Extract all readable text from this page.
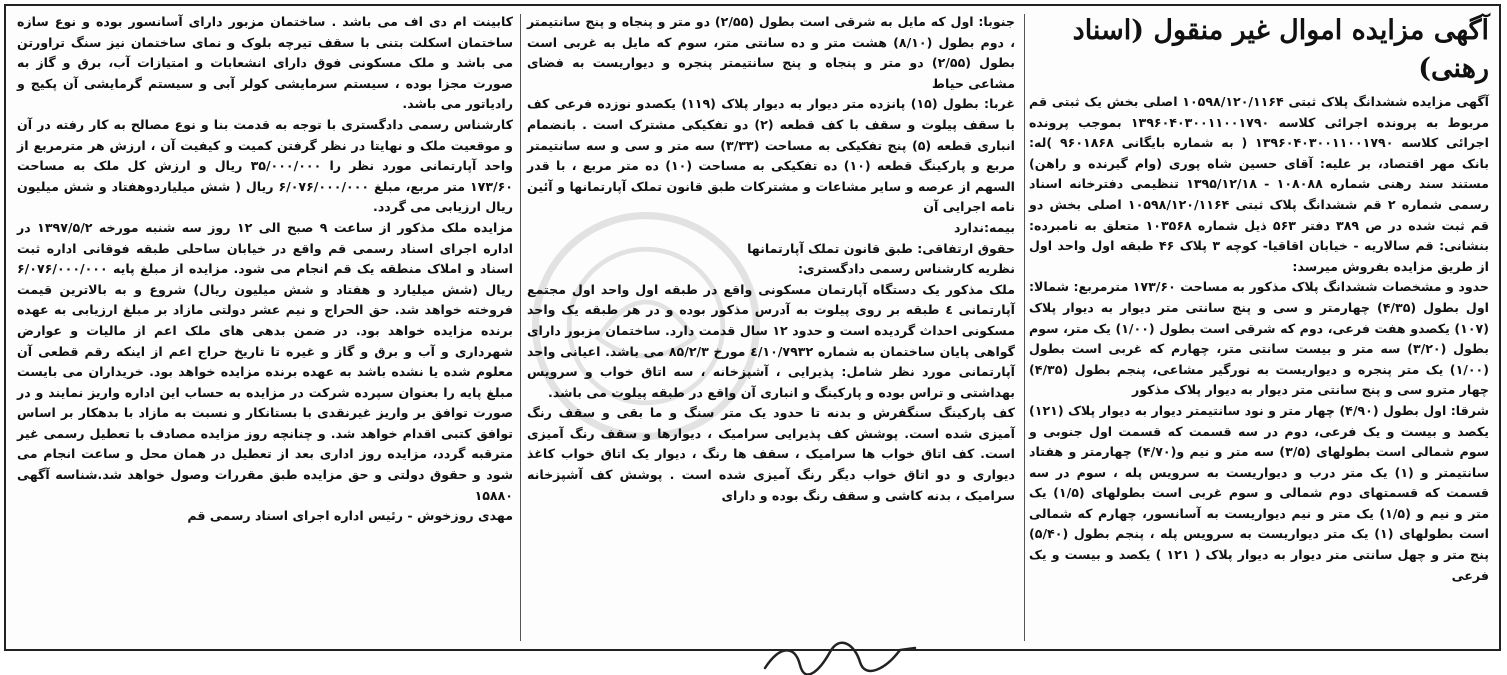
آگهی مزایده اموال غیر منقول (اسناد رهنی)

آگهی مزایده ششدانگ پلاک ثبتی ۱۰۵۹۸/۱۲۰/۱۱۶۴ اصلی بخش یک ثبتی قم مربوط به پرونده اجرائی کلاسه ۱۳۹۶۰۴۰۳۰۰۱۱۰۰۱۷۹۰ بموجب پرونده اجرائی کلاسه ۱۳۹۶۰۴۰۳۰۰۱۱۰۰۱۷۹۰ ( به شماره بایگانی ۹۶۰۱۸۶۸ )له: بانک مهر اقتصاد، بر علیه: آقای حسین شاه پوری (وام گیرنده و راهن) مستند سند رهنی شماره ۱۰۸۰۸۸ - ۱۳۹۵/۱۲/۱۸ تنظیمی دفترخانه اسناد رسمی شماره ۲ قم ششدانگ پلاک ثبتی ۱۰۵۹۸/۱۲۰/۱۱۶۴ اصلی بخش دو قم ثبت شده در ص ۳۸۹ دفتر ۵۶۳ ذیل شماره ۱۰۳۵۶۸ متعلق به نامبرده: بنشانی: قم سالاریه - خیابان اقاقیا- کوچه ۳ پلاک ۴۶ طبقه اول واحد اول از طریق مزایده بفروش میرسد:

حدود و مشخصات ششدانگ پلاک مذکور به مساحت ۱۷۳/۶۰ مترمربع: شمالا: اول بطول (۴/۳۵) چهارمتر و سی و پنج سانتی متر دیوار به دیوار پلاک (۱۰۷) یکصدو هفت فرعی، دوم که شرقی است بطول (۱/۰۰) یک متر، سوم بطول (۳/۲۰) سه متر و بیست سانتی متر، چهارم که غربی است بطول (۱/۰۰) یک متر پنجره و دیواریست به نورگیر مشاعی، پنجم بطول (۴/۳۵) چهار مترو سی و پنج سانتی متر دیوار به دیوار پلاک مذکور

شرقا: اول بطول (۴/۹۰) چهار متر و نود سانتیمتر دیوار به دیوار پلاک (۱۲۱) یکصد و بیست و یک فرعی، دوم در سه قسمت که قسمت اول جنوبی و سوم شمالی است بطولهای (۳/۵) سه متر و نیم و(۴/۷۰) چهارمتر و هفتاد سانتیمتر و (۱) یک متر درب و دیواریست به سرویس پله ، سوم در سه قسمت که قسمتهای دوم شمالی و سوم غربی است بطولهای (۱/۵) یک متر و نیم و (۱/۵) یک متر و نیم دیواریست به آسانسور، چهارم که شمالی است بطولهای (۱) یک متر دیواریست به سرویس پله ، پنجم بطول (۵/۴۰) پنج متر و چهل سانتی متر دیوار به دیوار پلاک ( ۱۲۱ ) یکصد و بیست و یک فرعی

جنوبا: اول که مایل به شرقی است بطول (۲/۵۵) دو متر و پنجاه و پنج سانتیمتر ، دوم بطول (۸/۱۰) هشت متر و ده سانتی متر، سوم که مایل به غربی است بطول (۲/۵۵) دو متر و پنجاه و پنج سانتیمتر پنجره و دیواریست به فضای مشاعی حیاط

غربا: بطول (۱۵) پانزده متر دیوار به دیوار پلاک (۱۱۹) یکصدو نوزده فرعی کف با سقف پیلوت و سقف با کف قطعه (۲) دو تفکیکی مشترک است . بانضمام انباری قطعه (۵) پنج تفکیکی به مساحت (۳/۳۳) سه متر و سی و سه سانتیمتر مربع و پارکینگ قطعه (۱۰) ده تفکیکی به مساحت (۱۰) ده متر مربع ، با قدر السهم از عرصه و سایر مشاعات و مشترکات طبق قانون تملک آپارتمانها و آئین نامه اجرایی آن

بیمه:ندارد

حقوق ارتفاقی: طبق قانون تملک آپارتمانها

نظریه کارشناس رسمی دادگستری:

ملک مذکور یک دستگاه آپارتمان مسکونی واقع در طبقه اول واحد اول مجتمع آپارتمانی ٤ طبقه بر روی پیلوت به آدرس مذکور بوده و در هر طبقه یک واحد مسکونی احداث گردیده است و حدود ۱۲ سال قدمت دارد. ساختمان مزبور دارای گواهی پایان ساختمان به شماره ٤/۱۰/۷۹۳۲ مورخ ۸۵/۲/۳ می باشد. اعیانی واحد آپارتمانی مورد نظر شامل: پذیرایی ، آشپزخانه ، سه اتاق خواب و سرویس بهداشتی و تراس بوده و پارکینگ و انباری آن واقع در طبقه پیلوت می باشد.

کف پارکینگ سنگفرش و بدنه تا حدود یک متر سنگ و ما بقی و سقف رنگ آمیزی شده است. پوشش کف پذیرایی سرامیک ، دیوارها و سقف رنگ آمیزی است. کف اتاق خواب ها سرامیک ، سقف ها رنگ ، دیوار یک اتاق خواب کاغذ دیواری و دو اتاق خواب دیگر رنگ آمیزی شده است . پوشش کف آشپزخانه سرامیک ، بدنه کاشی و سقف رنگ بوده و دارای

کابینت ام دی اف می باشد . ساختمان مزبور دارای آسانسور بوده و نوع سازه ساختمان اسکلت بتنی با سقف تیرچه بلوک و نمای ساختمان نیز سنگ تراورتن می باشد و ملک مسکونی فوق دارای انشعابات و امتیازات آب، برق و گاز به صورت مجزا بوده ، سیستم سرمایشی کولر آبی و سیستم گرمایشی آن پکیج و رادیاتور می باشد.

کارشناس رسمی دادگستری با توجه به قدمت بنا و نوع مصالح به کار رفته در آن و موقعیت ملک و نهایتا در نظر گرفتن کمیت و کیفیت آن ، ارزش هر مترمربع از واحد آپارتمانی مورد نظر را ۳۵/۰۰۰/۰۰۰ ریال و ارزش کل ملک به مساحت ۱۷۳/۶۰ متر مربع، مبلغ ۶/۰۷۶/۰۰۰/۰۰۰ ریال ( شش میلیاردوهفتاد و شش میلیون ریال ارزیابی می گردد.

مزایده ملک مذکور از ساعت ۹ صبح الی ۱۲ روز سه شنبه مورخه ۱۳۹۷/۵/۲ در اداره اجرای اسناد رسمی قم واقع در خیابان ساحلی طبقه فوقانی اداره ثبت اسناد و املاک منطقه یک قم انجام می شود. مزایده از مبلغ پایه ۶/۰۷۶/۰۰۰/۰۰۰ ریال (شش میلیارد و هفتاد و شش میلیون ریال) شروع و به بالاترین قیمت فروخته خواهد شد. حق الحراج و نیم عشر دولتی مازاد بر مبلغ ارزیابی به عهده برنده مزایده خواهد بود. در ضمن بدهی های ملک اعم از مالیات و عوارض شهرداری و آب و برق و گاز و غیره تا تاریخ حراج اعم از اینکه رقم قطعی آن معلوم شده یا نشده باشد به عهده برنده مزایده خواهد بود. خریداران می بایست مبلغ پایه را بعنوان سپرده شرکت در مزایده به حساب این اداره واریز نمایند و در صورت توافق بر واریز غیرنقدی با بستانکار و نسبت به مازاد با بدهکار بر اساس توافق کتبی اقدام خواهد شد. و چنانچه روز مزایده مصادف با تعطیل رسمی غیر مترقبه گردد، مزایده روز اداری بعد از تعطیل در همان محل و ساعت انجام می شود و حقوق دولتی و حق مزایده طبق مقررات وصول خواهد شد.شناسه آگهی ۱۵۸۸۰

مهدی روزخوش - رئیس اداره اجرای اسناد رسمی قم
